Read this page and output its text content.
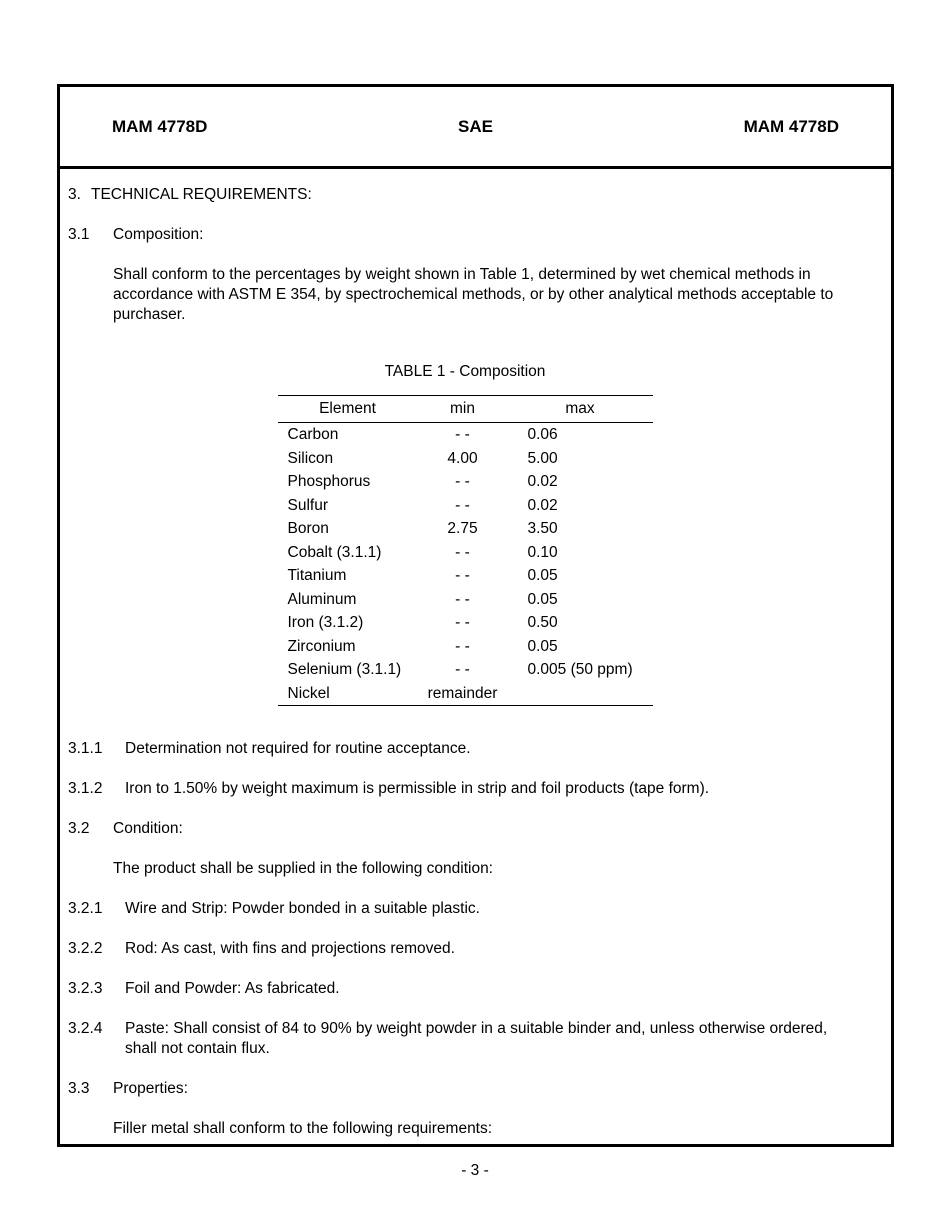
MAM 4778D	SAE	MAM 4778D
3. TECHNICAL REQUIREMENTS:
3.1	Composition:
Shall conform to the percentages by weight shown in Table 1, determined by wet chemical methods in accordance with ASTM E 354, by spectrochemical methods, or by other analytical methods acceptable to purchaser.
TABLE 1 - Composition
Element	min	max
Carbon	- -	0.06
Silicon	4.00	5.00
Phosphorus	- -	0.02
Sulfur	- -	0.02
Boron	2.75	3.50
Cobalt (3.1.1)	- -	0.10
Titanium	- -	0.05
Aluminum	- -	0.05
Iron (3.1.2)	- -	0.50
Zirconium	- -	0.05
Selenium (3.1.1)	- -	0.005 (50 ppm)
Nickel	remainder	
3.1.1	Determination not required for routine acceptance.
3.1.2	Iron to 1.50% by weight maximum is permissible in strip and foil products (tape form).
3.2	Condition:
The product shall be supplied in the following condition:
3.2.1	Wire and Strip: Powder bonded in a suitable plastic.
3.2.2	Rod: As cast, with fins and projections removed.
3.2.3	Foil and Powder: As fabricated.
3.2.4	Paste: Shall consist of 84 to 90% by weight powder in a suitable binder and, unless otherwise ordered, shall not contain flux.
3.3	Properties:
Filler metal shall conform to the following requirements:
- 3 -
